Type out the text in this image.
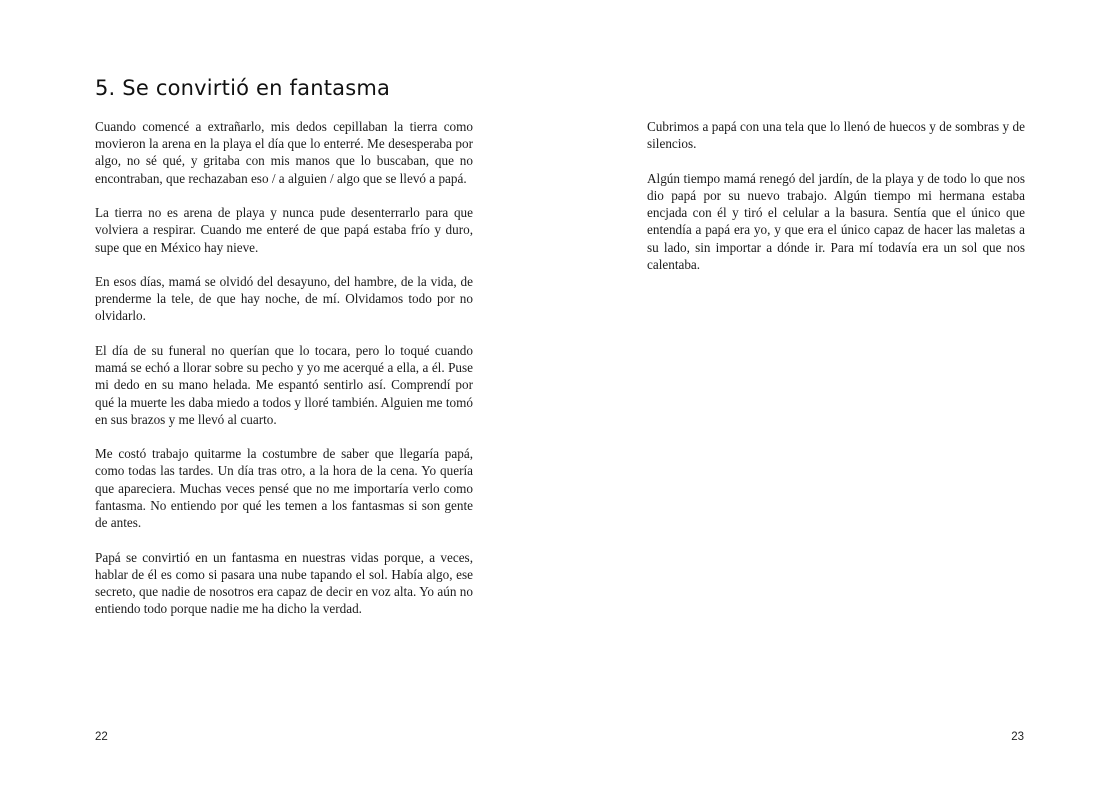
5. Se convirtió en fantasma

Cuando comencé a extrañarlo, mis dedos cepillaban la tierra como movieron la arena en la playa el día que lo enterré. Me desesperaba por algo, no sé qué, y gritaba con mis manos que lo buscaban, que no encontraban, que rechazaban eso / a alguien / algo que se llevó a papá.

La tierra no es arena de playa y nunca pude desenterrarlo para que volviera a respirar. Cuando me enteré de que papá estaba frío y duro, supe que en México hay nieve.

En esos días, mamá se olvidó del desayuno, del hambre, de la vida, de prenderme la tele, de que hay noche, de mí. Olvidamos todo por no olvidarlo.

El día de su funeral no querían que lo tocara, pero lo toqué cuando mamá se echó a llorar sobre su pecho y yo me acerqué a ella, a él. Puse mi dedo en su mano helada. Me espantó sentirlo así. Comprendí por qué la muerte les daba miedo a todos y lloré también. Alguien me tomó en sus brazos y me llevó al cuarto.

Me costó trabajo quitarme la costumbre de saber que llegaría papá, como todas las tardes. Un día tras otro, a la hora de la cena. Yo quería que apareciera. Muchas veces pensé que no me importaría verlo como fantasma. No entiendo por qué les temen a los fantasmas si son gente de antes.

Papá se convirtió en un fantasma en nuestras vidas porque, a veces, hablar de él es como si pasara una nube tapando el sol. Había algo, ese secreto, que nadie de nosotros era capaz de decir en voz alta. Yo aún no entiendo todo porque nadie me ha dicho la verdad.

22

Cubrimos a papá con una tela que lo llenó de huecos y de sombras y de silencios.

Algún tiempo mamá renegó del jardín, de la playa y de todo lo que nos dio papá por su nuevo trabajo. Algún tiempo mi hermana estaba encjada con él y tiró el celular a la basura. Sentía que el único que entendía a papá era yo, y que era el único capaz de hacer las maletas a su lado, sin importar a dónde ir. Para mí todavía era un sol que nos calentaba.

23
